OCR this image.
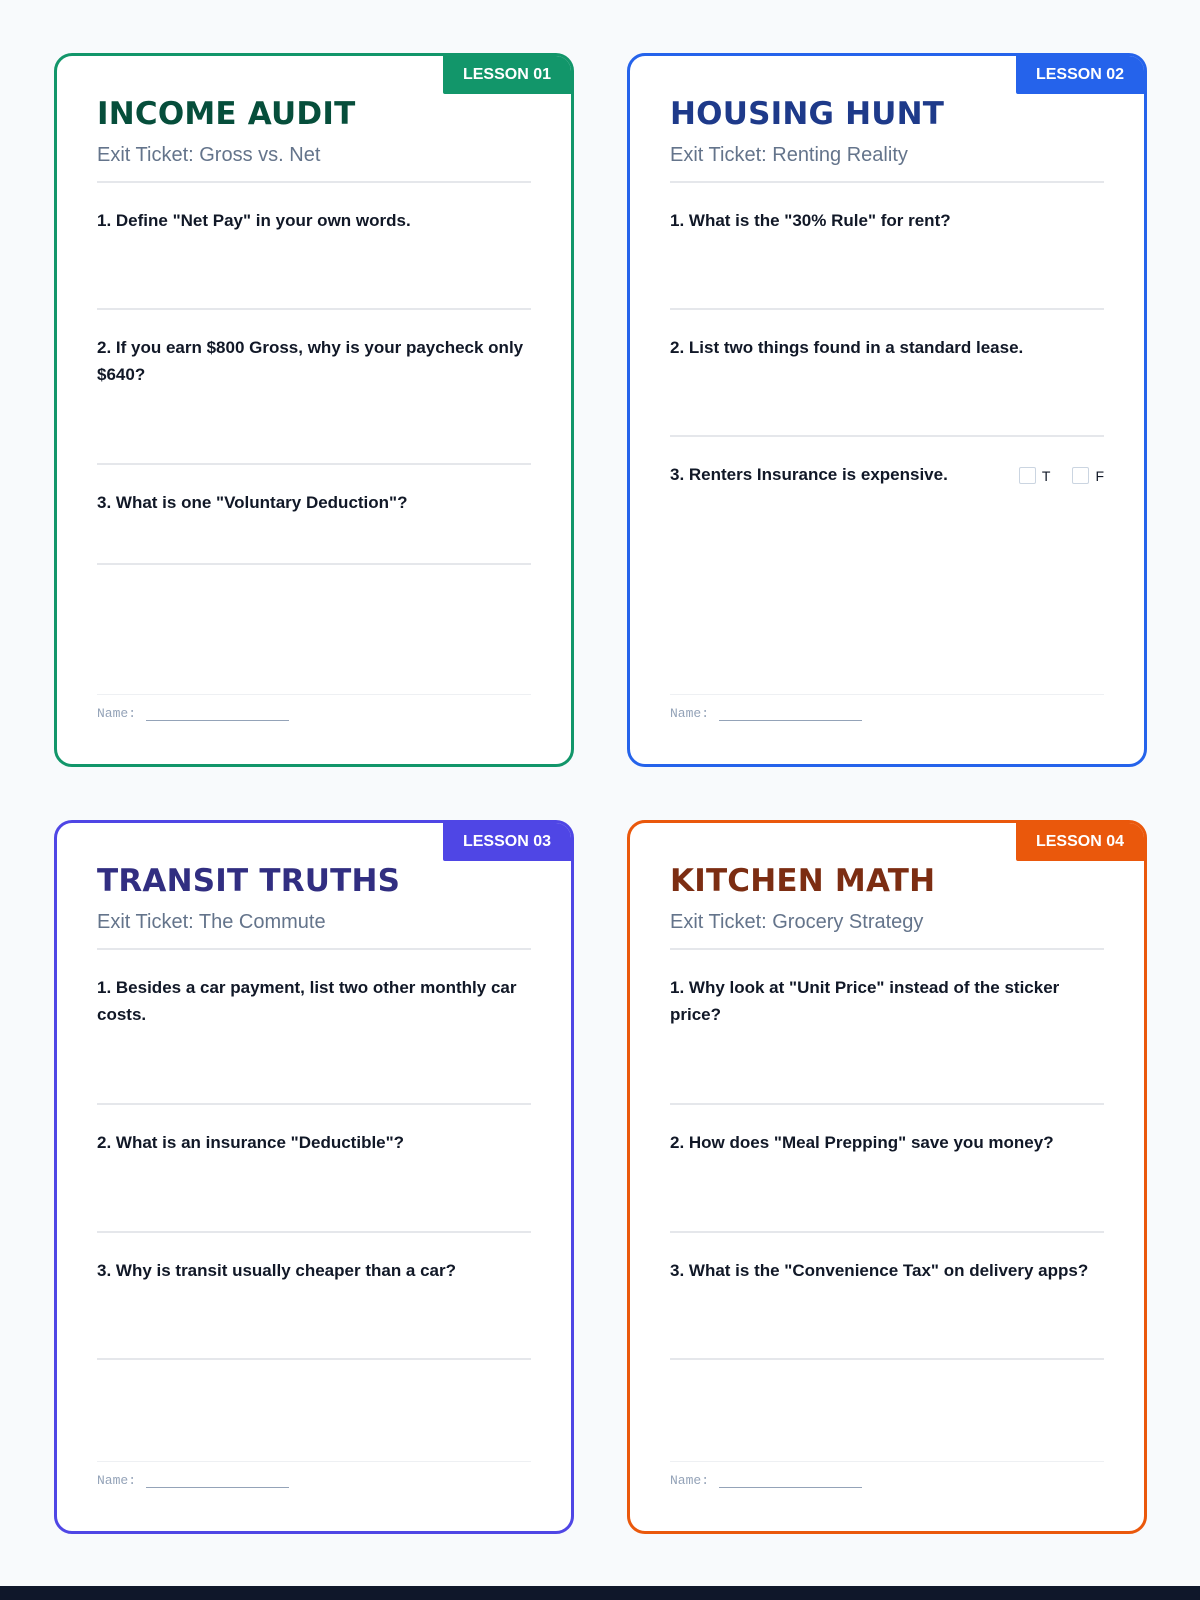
LESSON 01
INCOME AUDIT
Exit Ticket: Gross vs. Net
1. Define "Net Pay" in your own words.
2. If you earn $800 Gross, why is your paycheck only $640?
3. What is one "Voluntary Deduction"?
Name:
LESSON 02
HOUSING HUNT
Exit Ticket: Renting Reality
1. What is the "30% Rule" for rent?
2. List two things found in a standard lease.
3. Renters Insurance is expensive.	T	F
Name:
LESSON 03
TRANSIT TRUTHS
Exit Ticket: The Commute
1. Besides a car payment, list two other monthly car costs.
2. What is an insurance "Deductible"?
3. Why is transit usually cheaper than a car?
Name:
LESSON 04
KITCHEN MATH
Exit Ticket: Grocery Strategy
1. Why look at "Unit Price" instead of the sticker price?
2. How does "Meal Prepping" save you money?
3. What is the "Convenience Tax" on delivery apps?
Name:
